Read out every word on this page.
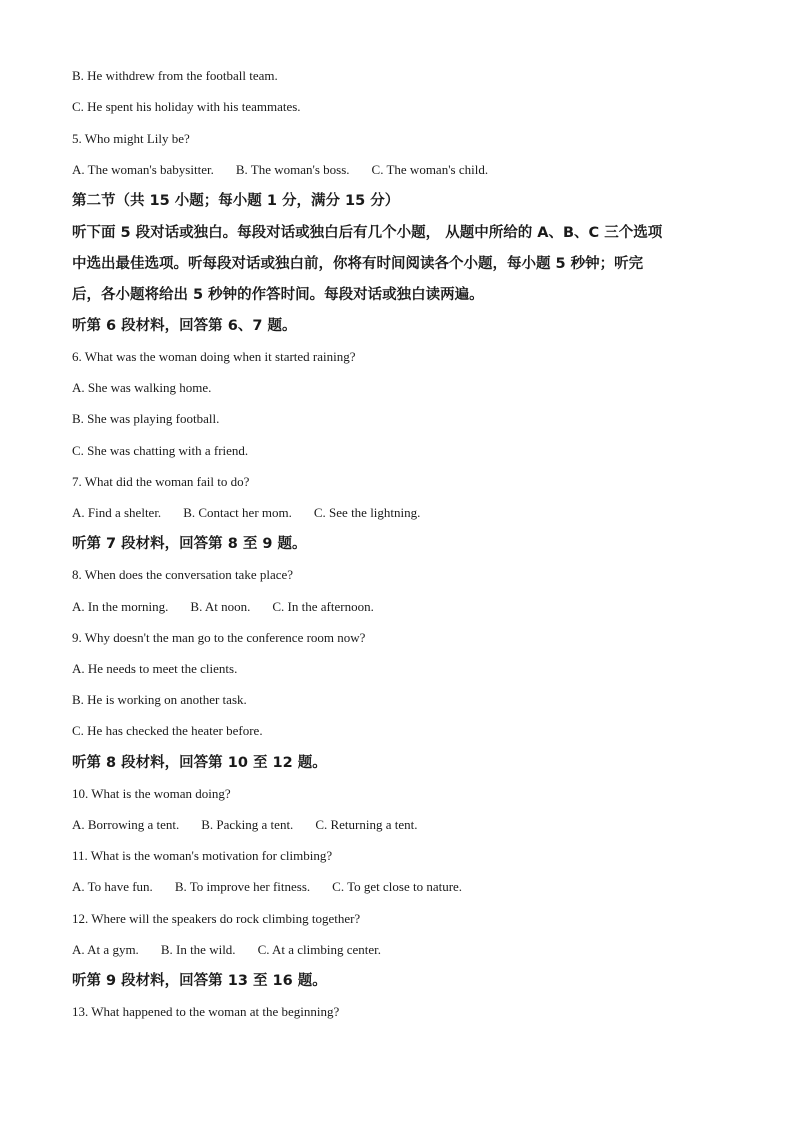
B. He withdrew from the football team.
C. He spent his holiday with his teammates.
5. Who might Lily be?
A. The woman's babysitter. B. The woman's boss. C. The woman's child.
第二节（共 15 小题；每小题 1 分，满分 15 分）
听下面 5 段对话或独白。每段对话或独白后有几个小题， 从题中所给的 A、B、C 三个选项
中选出最佳选项。听每段对话或独白前，你将有时间阅读各个小题，每小题 5 秒钟；听完
后，各小题将给出 5 秒钟的作答时间。每段对话或独白读两遍。
听第 6 段材料，回答第 6、7 题。
6. What was the woman doing when it started raining?
A. She was walking home.
B. She was playing football.
C. She was chatting with a friend.
7. What did the woman fail to do?
A. Find a shelter. B. Contact her mom. C. See the lightning.
听第 7 段材料，回答第 8 至 9 题。
8. When does the conversation take place?
A. In the morning. B. At noon. C. In the afternoon.
9. Why doesn't the man go to the conference room now?
A. He needs to meet the clients.
B. He is working on another task.
C. He has checked the heater before.
听第 8 段材料，回答第 10 至 12 题。
10. What is the woman doing?
A. Borrowing a tent. B. Packing a tent. C. Returning a tent.
11. What is the woman's motivation for climbing?
A. To have fun. B. To improve her fitness. C. To get close to nature.
12. Where will the speakers do rock climbing together?
A. At a gym. B. In the wild. C. At a climbing center.
听第 9 段材料，回答第 13 至 16 题。
13. What happened to the woman at the beginning?
